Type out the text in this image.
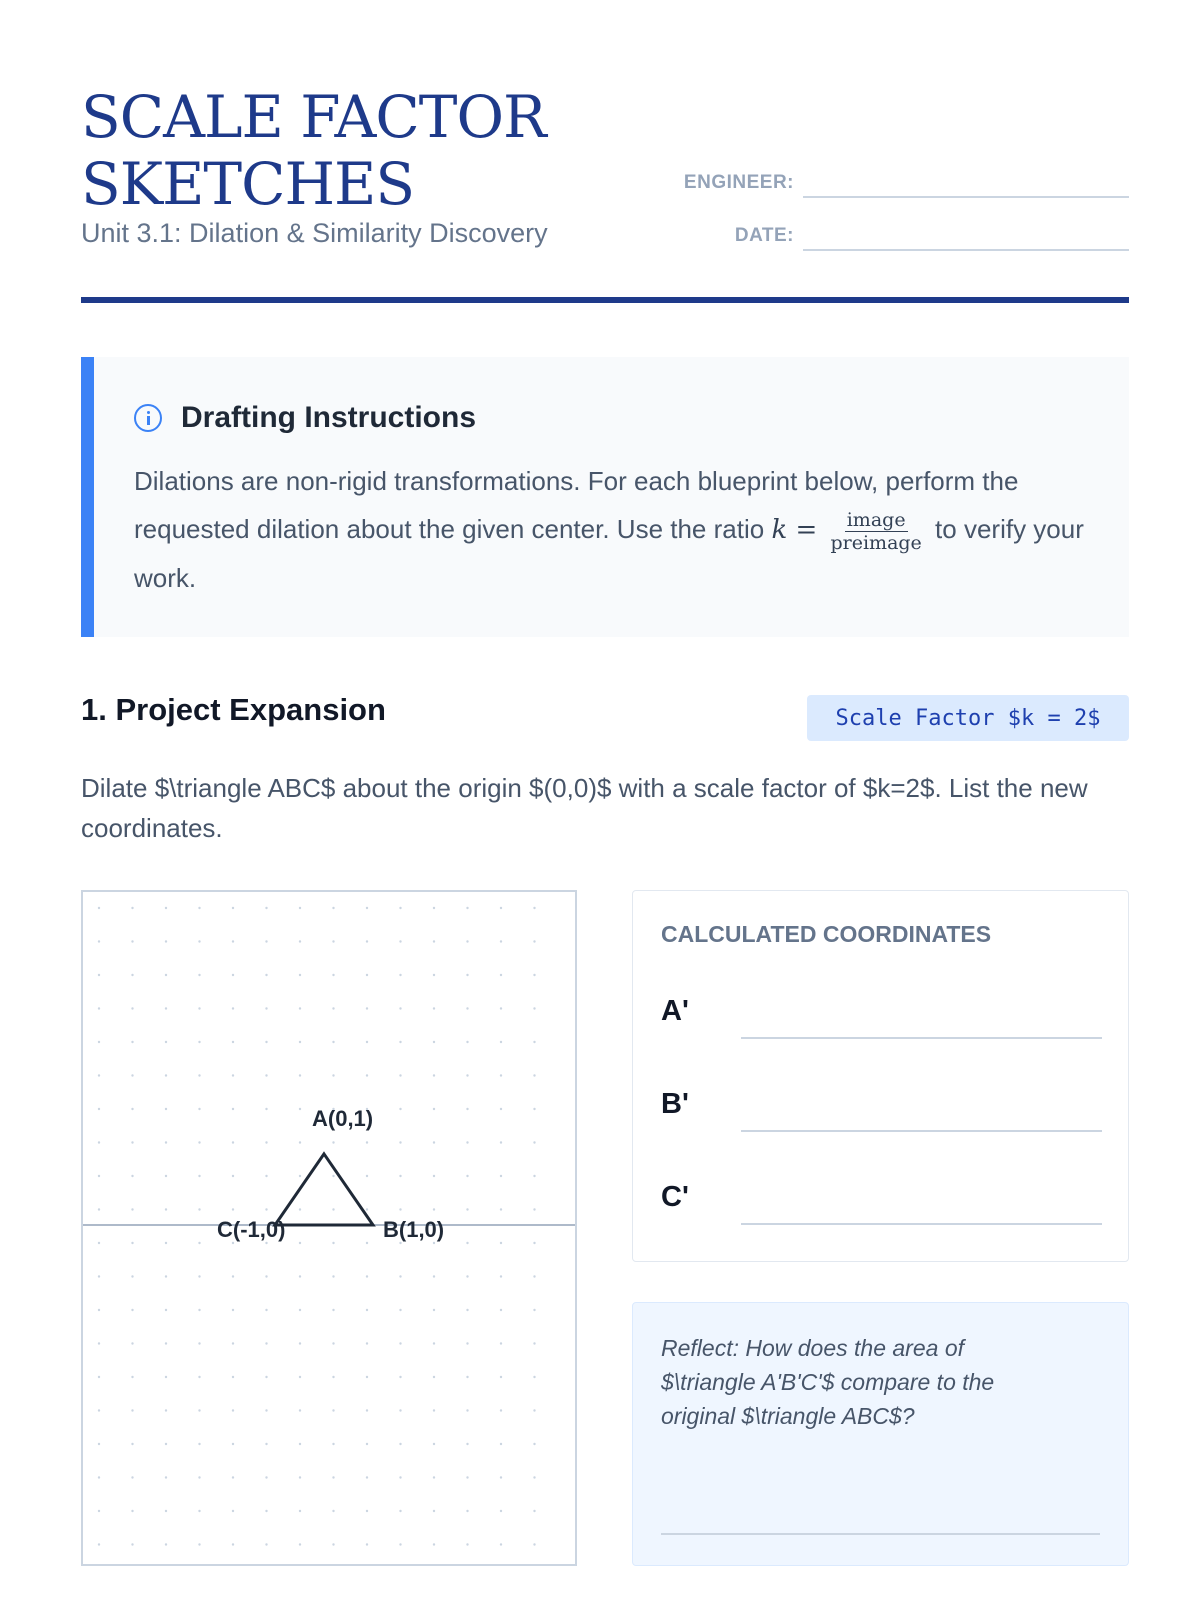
SCALE FACTOR
SKETCHES
Unit 3.1: Dilation & Similarity Discovery
ENGINEER:
DATE:
Drafting Instructions
Dilations are non-rigid transformations. For each blueprint below, perform the requested dilation about the given center. Use the ratio $k = \frac{\text{image}}{\text{preimage}}$ to verify your work.
1. Project Expansion	Scale Factor $k = 2$
Dilate $\triangle ABC$ about the origin $(0,0)$ with a scale factor of $k=2$. List the new coordinates.
A(0,1)
B(1,0)
C(-1,0)
CALCULATED COORDINATES
A'
B'
C'
Reflect: How does the area of $\triangle A'B'C'$ compare to the original $\triangle ABC$?
